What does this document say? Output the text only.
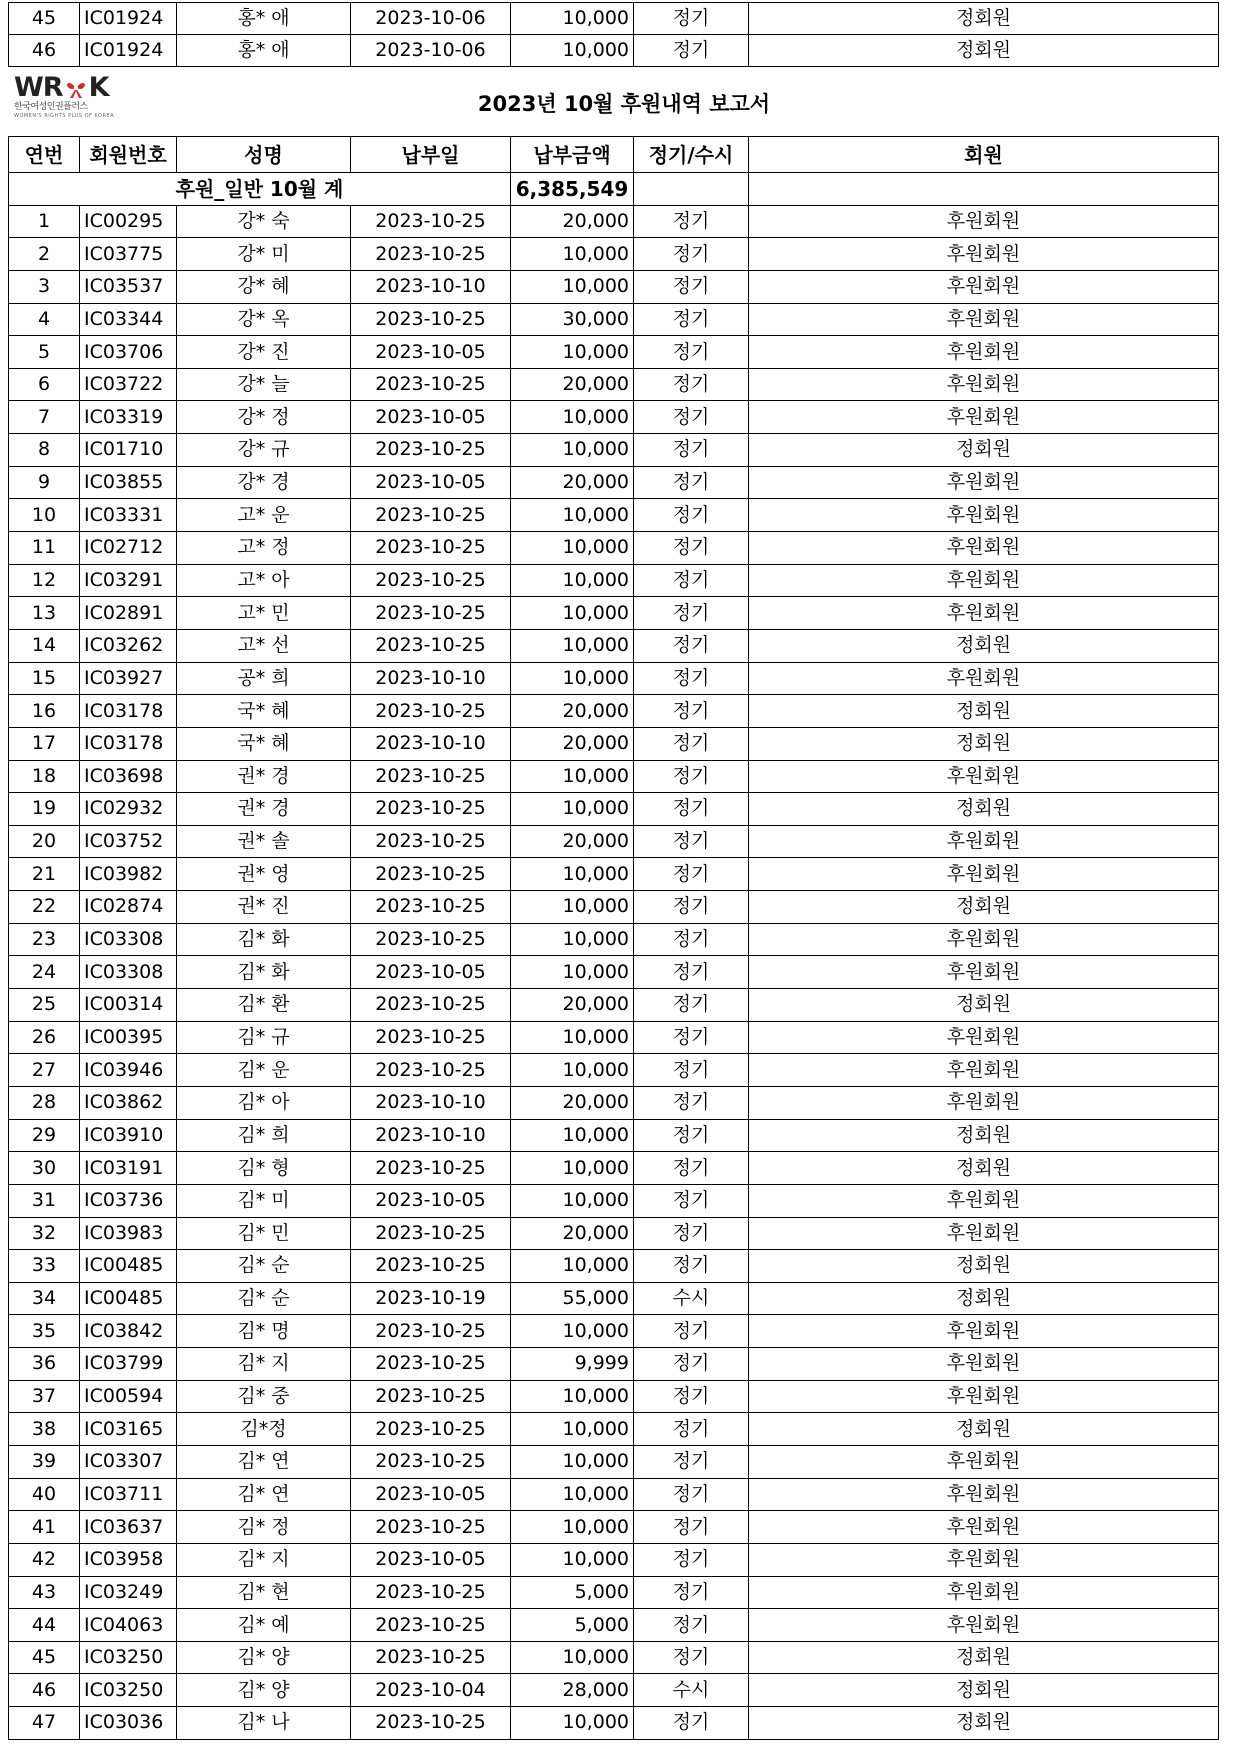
45	IC01924	홍* 애	2023-10-06	10,000	정기	정회원
46	IC01924	홍* 애	2023-10-06	10,000	정기	정회원
WR K
한국여성인권플러스
WOMEN'S RIGHTS PLUS OF KOREA	2023년 10월 후원내역 보고서
연번	회원번호	성명	납부일	납부금액	정기/수시	회원
후원_일반 10월 계				6,385,549		
1	IC00295	강* 숙	2023-10-25	20,000	정기	후원회원
2	IC03775	강* 미	2023-10-25	10,000	정기	후원회원
3	IC03537	강* 혜	2023-10-10	10,000	정기	후원회원
4	IC03344	강* 옥	2023-10-25	30,000	정기	후원회원
5	IC03706	강* 진	2023-10-05	10,000	정기	후원회원
6	IC03722	강* 늘	2023-10-25	20,000	정기	후원회원
7	IC03319	강* 정	2023-10-05	10,000	정기	후원회원
8	IC01710	강* 규	2023-10-25	10,000	정기	정회원
9	IC03855	강* 경	2023-10-05	20,000	정기	후원회원
10	IC03331	고* 운	2023-10-25	10,000	정기	후원회원
11	IC02712	고* 정	2023-10-25	10,000	정기	후원회원
12	IC03291	고* 아	2023-10-25	10,000	정기	후원회원
13	IC02891	고* 민	2023-10-25	10,000	정기	후원회원
14	IC03262	고* 선	2023-10-25	10,000	정기	정회원
15	IC03927	공* 희	2023-10-10	10,000	정기	후원회원
16	IC03178	국* 혜	2023-10-25	20,000	정기	정회원
17	IC03178	국* 혜	2023-10-10	20,000	정기	정회원
18	IC03698	권* 경	2023-10-25	10,000	정기	후원회원
19	IC02932	권* 경	2023-10-25	10,000	정기	정회원
20	IC03752	권* 솔	2023-10-25	20,000	정기	후원회원
21	IC03982	권* 영	2023-10-25	10,000	정기	후원회원
22	IC02874	권* 진	2023-10-25	10,000	정기	정회원
23	IC03308	김* 화	2023-10-25	10,000	정기	후원회원
24	IC03308	김* 화	2023-10-05	10,000	정기	후원회원
25	IC00314	김* 환	2023-10-25	20,000	정기	정회원
26	IC00395	김* 규	2023-10-25	10,000	정기	후원회원
27	IC03946	김* 운	2023-10-25	10,000	정기	후원회원
28	IC03862	김* 아	2023-10-10	20,000	정기	후원회원
29	IC03910	김* 희	2023-10-10	10,000	정기	정회원
30	IC03191	김* 형	2023-10-25	10,000	정기	정회원
31	IC03736	김* 미	2023-10-05	10,000	정기	후원회원
32	IC03983	김* 민	2023-10-25	20,000	정기	후원회원
33	IC00485	김* 순	2023-10-25	10,000	정기	정회원
34	IC00485	김* 순	2023-10-19	55,000	수시	정회원
35	IC03842	김* 명	2023-10-25	10,000	정기	후원회원
36	IC03799	김* 지	2023-10-25	9,999	정기	후원회원
37	IC00594	김* 중	2023-10-25	10,000	정기	후원회원
38	IC03165	김*정	2023-10-25	10,000	정기	정회원
39	IC03307	김* 연	2023-10-25	10,000	정기	후원회원
40	IC03711	김* 연	2023-10-05	10,000	정기	후원회원
41	IC03637	김* 정	2023-10-25	10,000	정기	후원회원
42	IC03958	김* 지	2023-10-05	10,000	정기	후원회원
43	IC03249	김* 현	2023-10-25	5,000	정기	후원회원
44	IC04063	김* 예	2023-10-25	5,000	정기	후원회원
45	IC03250	김* 양	2023-10-25	10,000	정기	정회원
46	IC03250	김* 양	2023-10-04	28,000	수시	정회원
47	IC03036	김* 나	2023-10-25	10,000	정기	정회원
